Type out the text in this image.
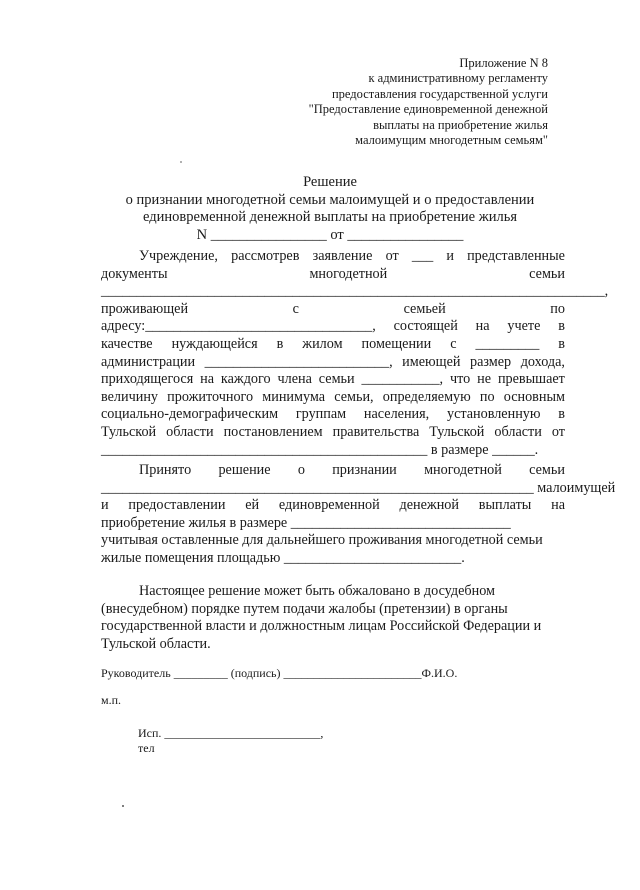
Приложение N 8
к административному регламенту
предоставления государственной услуги
"Предоставление единовременной денежной
выплаты на приобретение жилья
малоимущим многодетным семьям"
Решение
о признании многодетной семьи малоимущей и о предоставлении
единовременной денежной выплаты на приобретение жилья
N ________________ от ________________
Учреждение, рассмотрев заявление от ___ и представленные
документы	многодетной	семьи
_______________________________________________________________________,
проживающей	с	семьей	по
адресу:________________________________, состоящей на учете в
качестве нуждающейся в жилом помещении с _________ в
администрации __________________________, имеющей размер дохода,
приходящегося на каждого члена семьи ___________, что не превышает
величину прожиточного минимума семьи, определяемую по основным
социально-демографическим группам населения, установленную в
Тульской области постановлением правительства Тульской области от
______________________________________________ в размере ______.
Принято решение о признании многодетной семьи
_____________________________________________________________ малоимущей
и предоставлении ей единовременной денежной выплаты на
приобретение жилья в размере _______________________________
учитывая оставленные для дальнейшего проживания многодетной семьи
жилые помещения площадью _________________________.
Настоящее решение может быть обжаловано в досудебном
(внесудебном) порядке путем подачи жалобы (претензии) в органы
государственной власти и должностным лицам Российской Федерации и
Тульской области.
Руководитель _________ (подпись) _______________________Ф.И.О.
м.п.
Исп. __________________________,
тел
